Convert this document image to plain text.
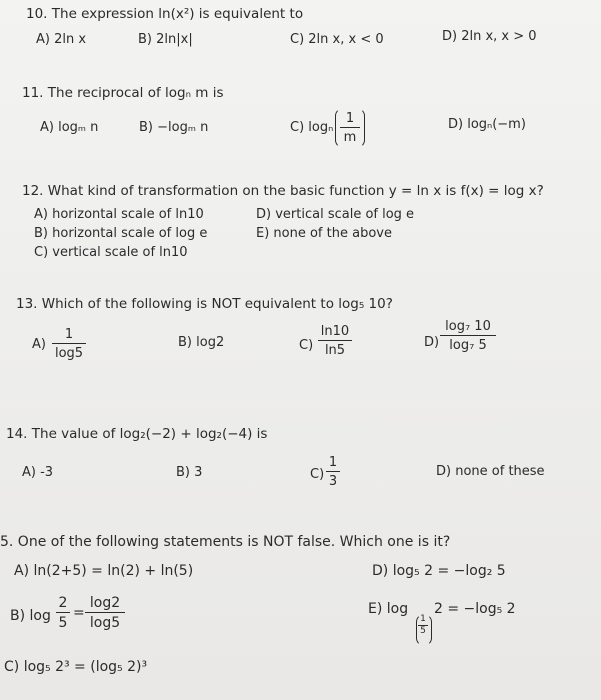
10. The expression ln(x²) is equivalent to
A) 2ln x	B) 2ln|x|	C) 2ln x, x < 0	D) 2ln x, x > 0
11. The reciprocal of logₙ m is
A) logₘ n	B) −logₘ n	C) logₙ $\frac{1}{m}$	D) logₙ(−m)
12. What kind of transformation on the basic function y = ln x is f(x) = log x?
A) horizontal scale of ln10
B) horizontal scale of log e
C) vertical scale of ln10
D) vertical scale of log e
E) none of the above
13. Which of the following is NOT equivalent to log₅ 10?
$A) \frac{1}{\log 5}$	B) log2	$C) \frac{\ln 10}{\ln 5}$	$D) \frac{\text{log₇ 10}}{\text{log₇ 5}}$
14. The value of log₂(−2) + log₂(−4) is
A) -3	B) 3	$C) \frac{1}{3}$	D) none of these
5. One of the following statements is NOT false. Which one is it?
A) ln(2+5) = ln(2) + ln(5)	D) log₅ 2 = −log₂ 5
B) $\log \frac{2}{5} = \frac{\log 2}{\log 5}$	E) log
$\frac{1}{5}$
2 = −log₅ 2
C) log₅ 2³ = (log₅ 2)³
